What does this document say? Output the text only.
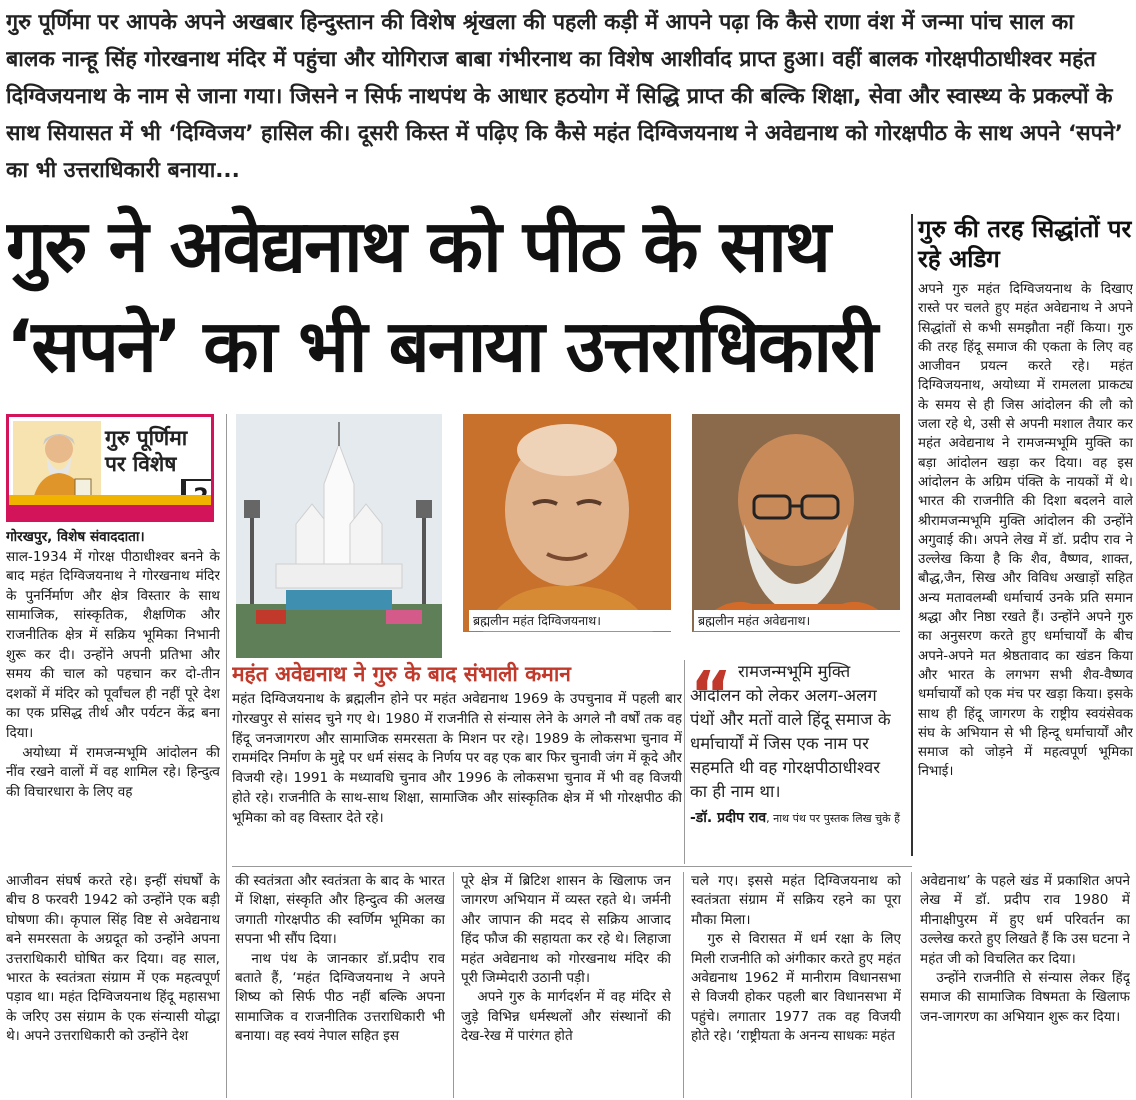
गुरु पूर्णिमा पर आपके अपने अखबार हिन्दुस्तान की विशेष श्रृंखला की पहली कड़ी में आपने पढ़ा कि कैसे राणा वंश में जन्मा पांच साल का बालक नान्हू सिंह गोरखनाथ मंदिर में पहुंचा और योगिराज बाबा गंभीरनाथ का विशेष आशीर्वाद प्राप्त हुआ। वहीं बालक गोरक्षपीठाधीश्वर महंत दिग्विजयनाथ के नाम से जाना गया। जिसने न सिर्फ नाथपंथ के आधार हठयोग में सिद्धि प्राप्त की बल्कि शिक्षा, सेवा और स्वास्थ्य के प्रकल्पों के साथ सियासत में भी ‘दिग्विजय’ हासिल की। दूसरी किस्त में पढ़िए कि कैसे महंत दिग्विजयनाथ ने अवेद्यनाथ को गोरक्षपीठ के साथ अपने ‘सपने’ का भी उत्तराधिकारी बनाया...
गुरु ने अवेद्यनाथ को पीठ के साथ
‘सपने’ का भी बनाया उत्तराधिकारी
गुरु की तरह सिद्धांतों पर रहे अडिग
अपने गुरु महंत दिग्विजयनाथ के दिखाए रास्ते पर चलते हुए महंत अवेद्यनाथ ने अपने सिद्धांतों से कभी समझौता नहीं किया। गुरु की तरह हिंदू समाज की एकता के लिए वह आजीवन प्रयत्न करते रहे। महंत दिग्विजयनाथ, अयोध्या में रामलला प्राकट्य के समय से ही जिस आंदोलन की लौ को जला रहे थे, उसी से अपनी मशाल तैयार कर महंत अवेद्यनाथ ने रामजन्मभूमि मुक्ति का बड़ा आंदोलन खड़ा कर दिया। वह इस आंदोलन के अग्रिम पंक्ति के नायकों में थे। भारत की राजनीति की दिशा बदलने वाले श्रीरामजन्मभूमि मुक्ति आंदोलन की उन्होंने अगुवाई की। अपने लेख में डॉ. प्रदीप राव ने उल्लेख किया है कि शैव, वैष्णव, शाक्त, बौद्ध,जैन, सिख और विविध अखाड़ों सहित अन्य मतावलम्बी धर्माचार्य उनके प्रति समान श्रद्धा और निष्ठा रखते हैं। उन्होंने अपने गुरु का अनुसरण करते हुए धर्माचार्यों के बीच अपने-अपने मत श्रेष्ठतावाद का खंडन किया और भारत के लगभग सभी शैव-वैष्णव धर्माचार्यों को एक मंच पर खड़ा किया। इसके साथ ही हिंदू जागरण के राष्ट्रीय स्वयंसेवक संघ के अभियान से भी हिन्दू धर्माचार्यों और समाज को जोड़ने में महत्वपूर्ण भूमिका निभाई।
गुरु पूर्णिमा पर विशेष

गोरखपुर, विशेष संवाददाता।

साल-1934 में गोरक्ष पीठाधीश्वर बनने के बाद महंत दिग्विजयनाथ ने गोरखनाथ मंदिर के पुनर्निर्माण और क्षेत्र विस्तार के साथ सामाजिक, सांस्कृतिक, शैक्षणिक और राजनीतिक क्षेत्र में सक्रिय भूमिका निभानी शुरू कर दी। उन्होंने अपनी प्रतिभा और समय की चाल को पहचान कर दो-तीन दशकों में मंदिर को पूर्वांचल ही नहीं पूरे देश का एक प्रसिद्ध तीर्थ और पर्यटन केंद्र बना दिया।

अयोध्या में रामजन्मभूमि आंदोलन की नींव रखने वालों में वह शामिल रहे। हिन्दुत्व की विचारधारा के लिए वह

ब्रह्मलीन महंत दिग्विजयनाथ।	ब्रह्मलीन महंत अवेद्यनाथ।
महंत अवेद्यनाथ ने गुरु के बाद संभाली कमान
महंत दिग्विजयनाथ के ब्रह्मलीन होने पर महंत अवेद्यनाथ 1969 के उपचुनाव में पहली बार गोरखपुर से सांसद चुने गए थे। 1980 में राजनीति से संन्यास लेने के अगले नौ वर्षों तक वह हिंदू जनजागरण और सामाजिक समरसता के मिशन पर रहे। 1989 के लोकसभा चुनाव में राममंदिर निर्माण के मुद्दे पर धर्म संसद के निर्णय पर वह एक बार फिर चुनावी जंग में कूदे और विजयी रहे। 1991 के मध्यावधि चुनाव और 1996 के लोकसभा चुनाव में भी वह विजयी होते रहे। राजनीति के साथ-साथ शिक्षा, सामाजिक और सांस्कृतिक क्षेत्र में भी गोरक्षपीठ की भूमिका को वह विस्तार देते रहे।
“ रामजन्मभूमि मुक्ति आंदोलन को लेकर अलग-अलग पंथों और मतों वाले हिंदू समाज के धर्माचार्यों में जिस एक नाम पर सहमति थी वह गोरक्षपीठाधीश्वर का ही नाम था।
-डॉ. प्रदीप राव, नाथ पंथ पर पुस्तक लिख चुके हैं

आजीवन संघर्ष करते रहे। इन्हीं संघर्षों के बीच 8 फरवरी 1942 को उन्होंने एक बड़ी घोषणा की। कृपाल सिंह विष्ट से अवेद्यनाथ बने समरसता के अग्रदूत को उन्होंने अपना उत्तराधिकारी घोषित कर दिया। वह साल, भारत के स्वतंत्रता संग्राम में एक महत्वपूर्ण पड़ाव था। महंत दिग्विजयनाथ हिंदू महासभा के जरिए उस संग्राम के एक संन्यासी योद्धा थे। अपने उत्तराधिकारी को उन्होंने देश

की स्वतंत्रता और स्वतंत्रता के बाद के भारत में शिक्षा, संस्कृति और हिन्दुत्व की अलख जगाती गोरक्षपीठ की स्वर्णिम भूमिका का सपना भी सौंप दिया।

नाथ पंथ के जानकार डॉ.प्रदीप राव बताते हैं, ‘महंत दिग्विजयनाथ ने अपने शिष्य को सिर्फ पीठ नहीं बल्कि अपना सामाजिक व राजनीतिक उत्तराधिकारी भी बनाया। वह स्वयं नेपाल सहित इस

पूरे क्षेत्र में ब्रिटिश शासन के खिलाफ जन जागरण अभियान में व्यस्त रहते थे। जर्मनी और जापान की मदद से सक्रिय आजाद हिंद फौज की सहायता कर रहे थे। लिहाजा महंत अवेद्यनाथ को गोरखनाथ मंदिर की पूरी जिम्मेदारी उठानी पड़ी।

अपने गुरु के मार्गदर्शन में वह मंदिर से जुड़े विभिन्न धर्मस्थलों और संस्थानों की देख-रेख में पारंगत होते

चले गए। इससे महंत दिग्विजयनाथ को स्वतंत्रता संग्राम में सक्रिय रहने का पूरा मौका मिला।

गुरु से विरासत में धर्म रक्षा के लिए मिली राजनीति को अंगीकार करते हुए महंत अवेद्यनाथ 1962 में मानीराम विधानसभा से विजयी होकर पहली बार विधानसभा में पहुंचे। लगातार 1977 तक वह विजयी होते रहे। ‘राष्ट्रीयता के अनन्य साधकः महंत

अवेद्यनाथ’ के पहले खंड में प्रकाशित अपने लेख में डॉ. प्रदीप राव 1980 में मीनाक्षीपुरम में हुए धर्म परिवर्तन का उल्लेख करते हुए लिखते हैं कि उस घटना ने महंत जी को विचलित कर दिया।

उन्होंने राजनीति से संन्यास लेकर हिंदू समाज की सामाजिक विषमता के खिलाफ जन-जागरण का अभियान शुरू कर दिया।
